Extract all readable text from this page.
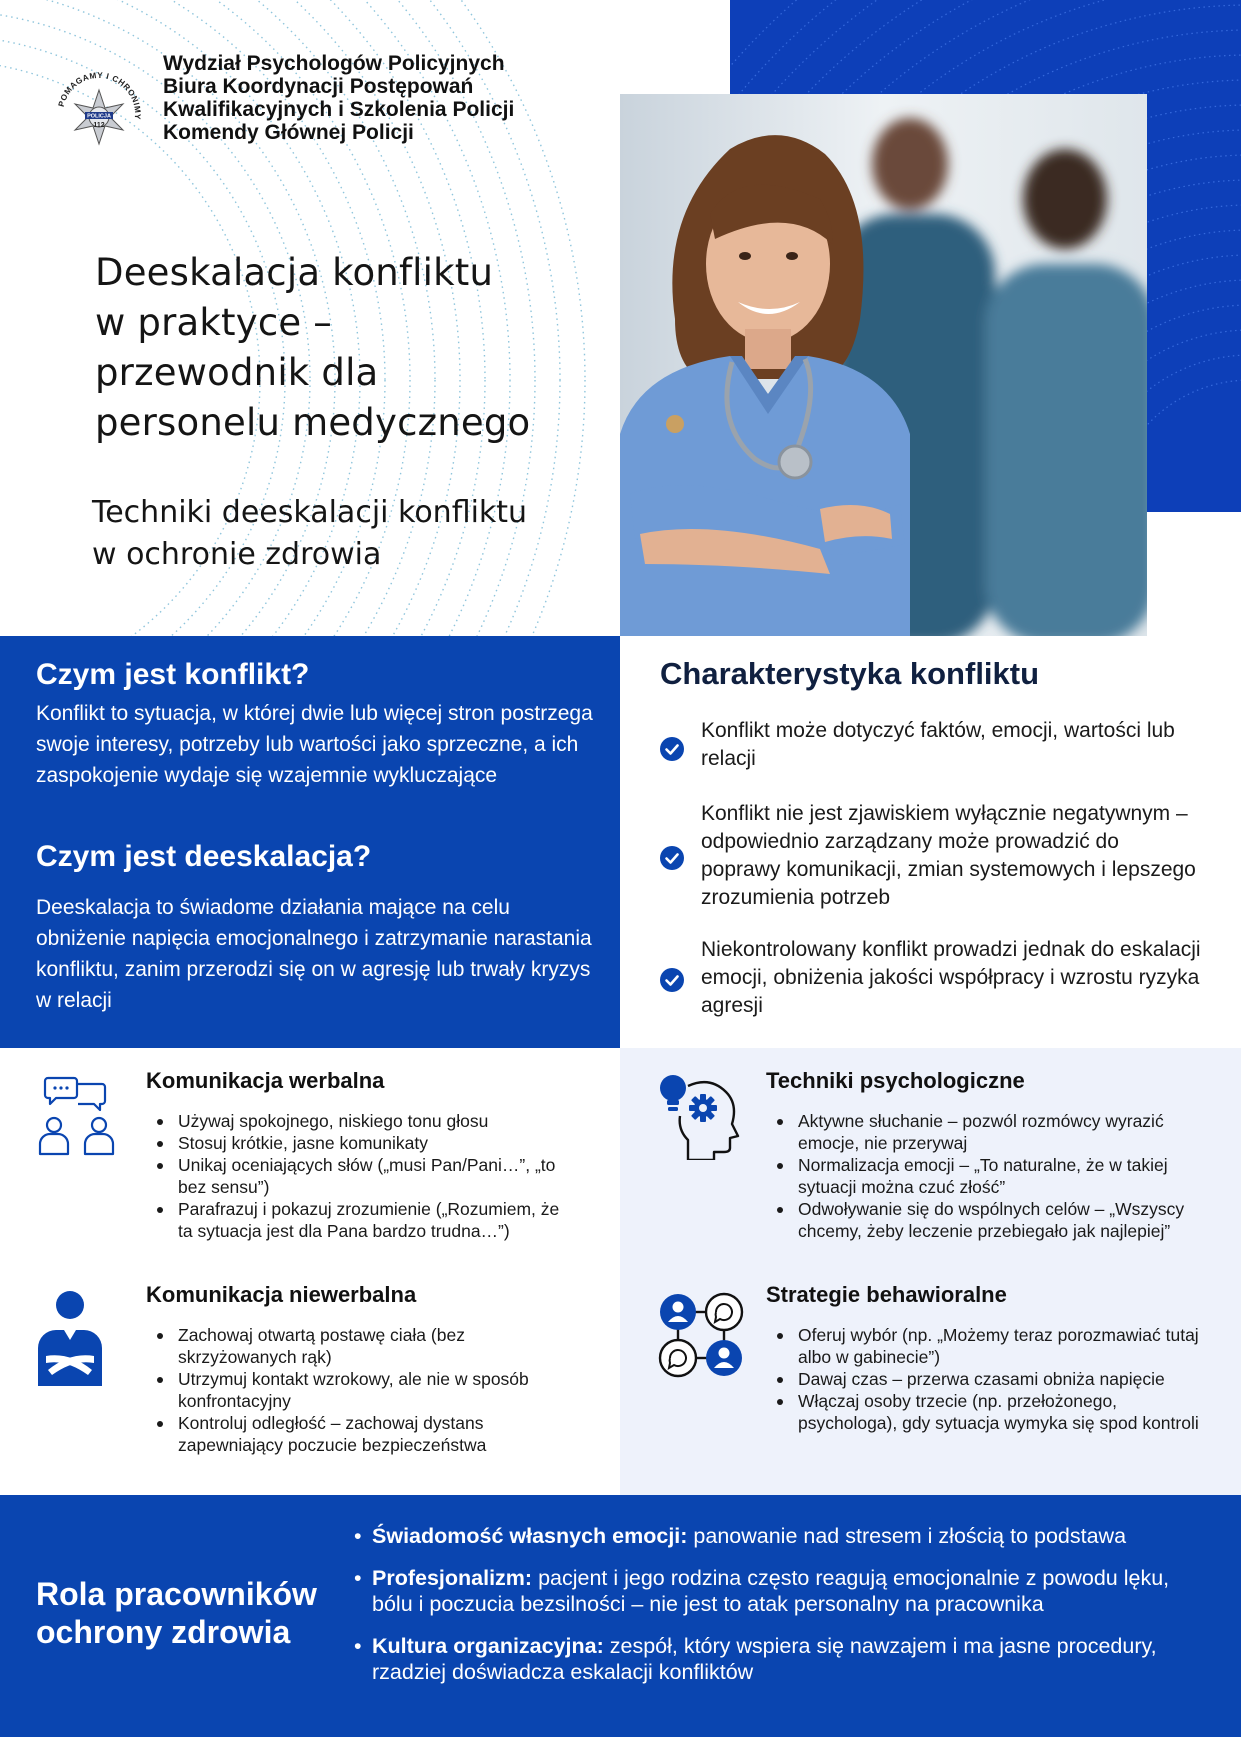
POMAGAMY I CHRONIMY
POLICJA
112
Wydział Psychologów Policyjnych
Biura Koordynacji Postępowań
Kwalifikacyjnych i Szkolenia Policji
Komendy Głównej Policji
Deeskalacja konfliktu
w praktyce –
przewodnik dla
personelu medycznego
Techniki deeskalacji konfliktu
w ochronie zdrowia
Czym jest konflikt?

Konflikt to sytuacja, w której dwie lub więcej stron postrzega swoje interesy, potrzeby lub wartości jako sprzeczne, a ich zaspokojenie wydaje się wzajemnie wykluczające

Czym jest deeskalacja?

Deeskalacja to świadome działania mające na celu obniżenie napięcia emocjonalnego i zatrzymanie narastania konfliktu, zanim przerodzi się on w agresję lub trwały kryzys w relacji

Charakterystyka konfliktu
Konflikt może dotyczyć faktów, emocji, wartości lub relacji
Konflikt nie jest zjawiskiem wyłącznie negatywnym – odpowiednio zarządzany może prowadzić do poprawy komunikacji, zmian systemowych i lepszego zrozumienia potrzeb
Niekontrolowany konflikt prowadzi jednak do eskalacji emocji, obniżenia jakości współpracy i wzrostu ryzyka agresji
Komunikacja werbalna
Używaj spokojnego, niskiego tonu głosu
Stosuj krótkie, jasne komunikaty
Unikaj oceniających słów („musi Pan/Pani…”, „to bez sensu”)
Parafrazuj i pokazuj zrozumienie („Rozumiem, że ta sytuacja jest dla Pana bardzo trudna…”)
Komunikacja niewerbalna
Zachowaj otwartą postawę ciała (bez skrzyżowanych rąk)
Utrzymuj kontakt wzrokowy, ale nie w sposób konfrontacyjny
Kontroluj odległość – zachowaj dystans zapewniający poczucie bezpieczeństwa
Techniki psychologiczne
Aktywne słuchanie – pozwól rozmówcy wyrazić emocje, nie przerywaj
Normalizacja emocji – „To naturalne, że w takiej sytuacji można czuć złość”
Odwoływanie się do wspólnych celów – „Wszyscy chcemy, żeby leczenie przebiegało jak najlepiej”
Strategie behawioralne
Oferuj wybór (np. „Możemy teraz porozmawiać tutaj albo w gabinecie”)
Dawaj czas – przerwa czasami obniża napięcie
Włączaj osoby trzecie (np. przełożonego, psychologa), gdy sytuacja wymyka się spod kontroli
Rola pracowników
ochrony zdrowia
• Świadomość własnych emocji: panowanie nad stresem i złością to podstawa
• Profesjonalizm: pacjent i jego rodzina często reagują emocjonalnie z powodu lęku, bólu i poczucia bezsilności – nie jest to atak personalny na pracownika
• Kultura organizacyjna: zespół, który wspiera się nawzajem i ma jasne procedury, rzadziej doświadcza eskalacji konfliktów
